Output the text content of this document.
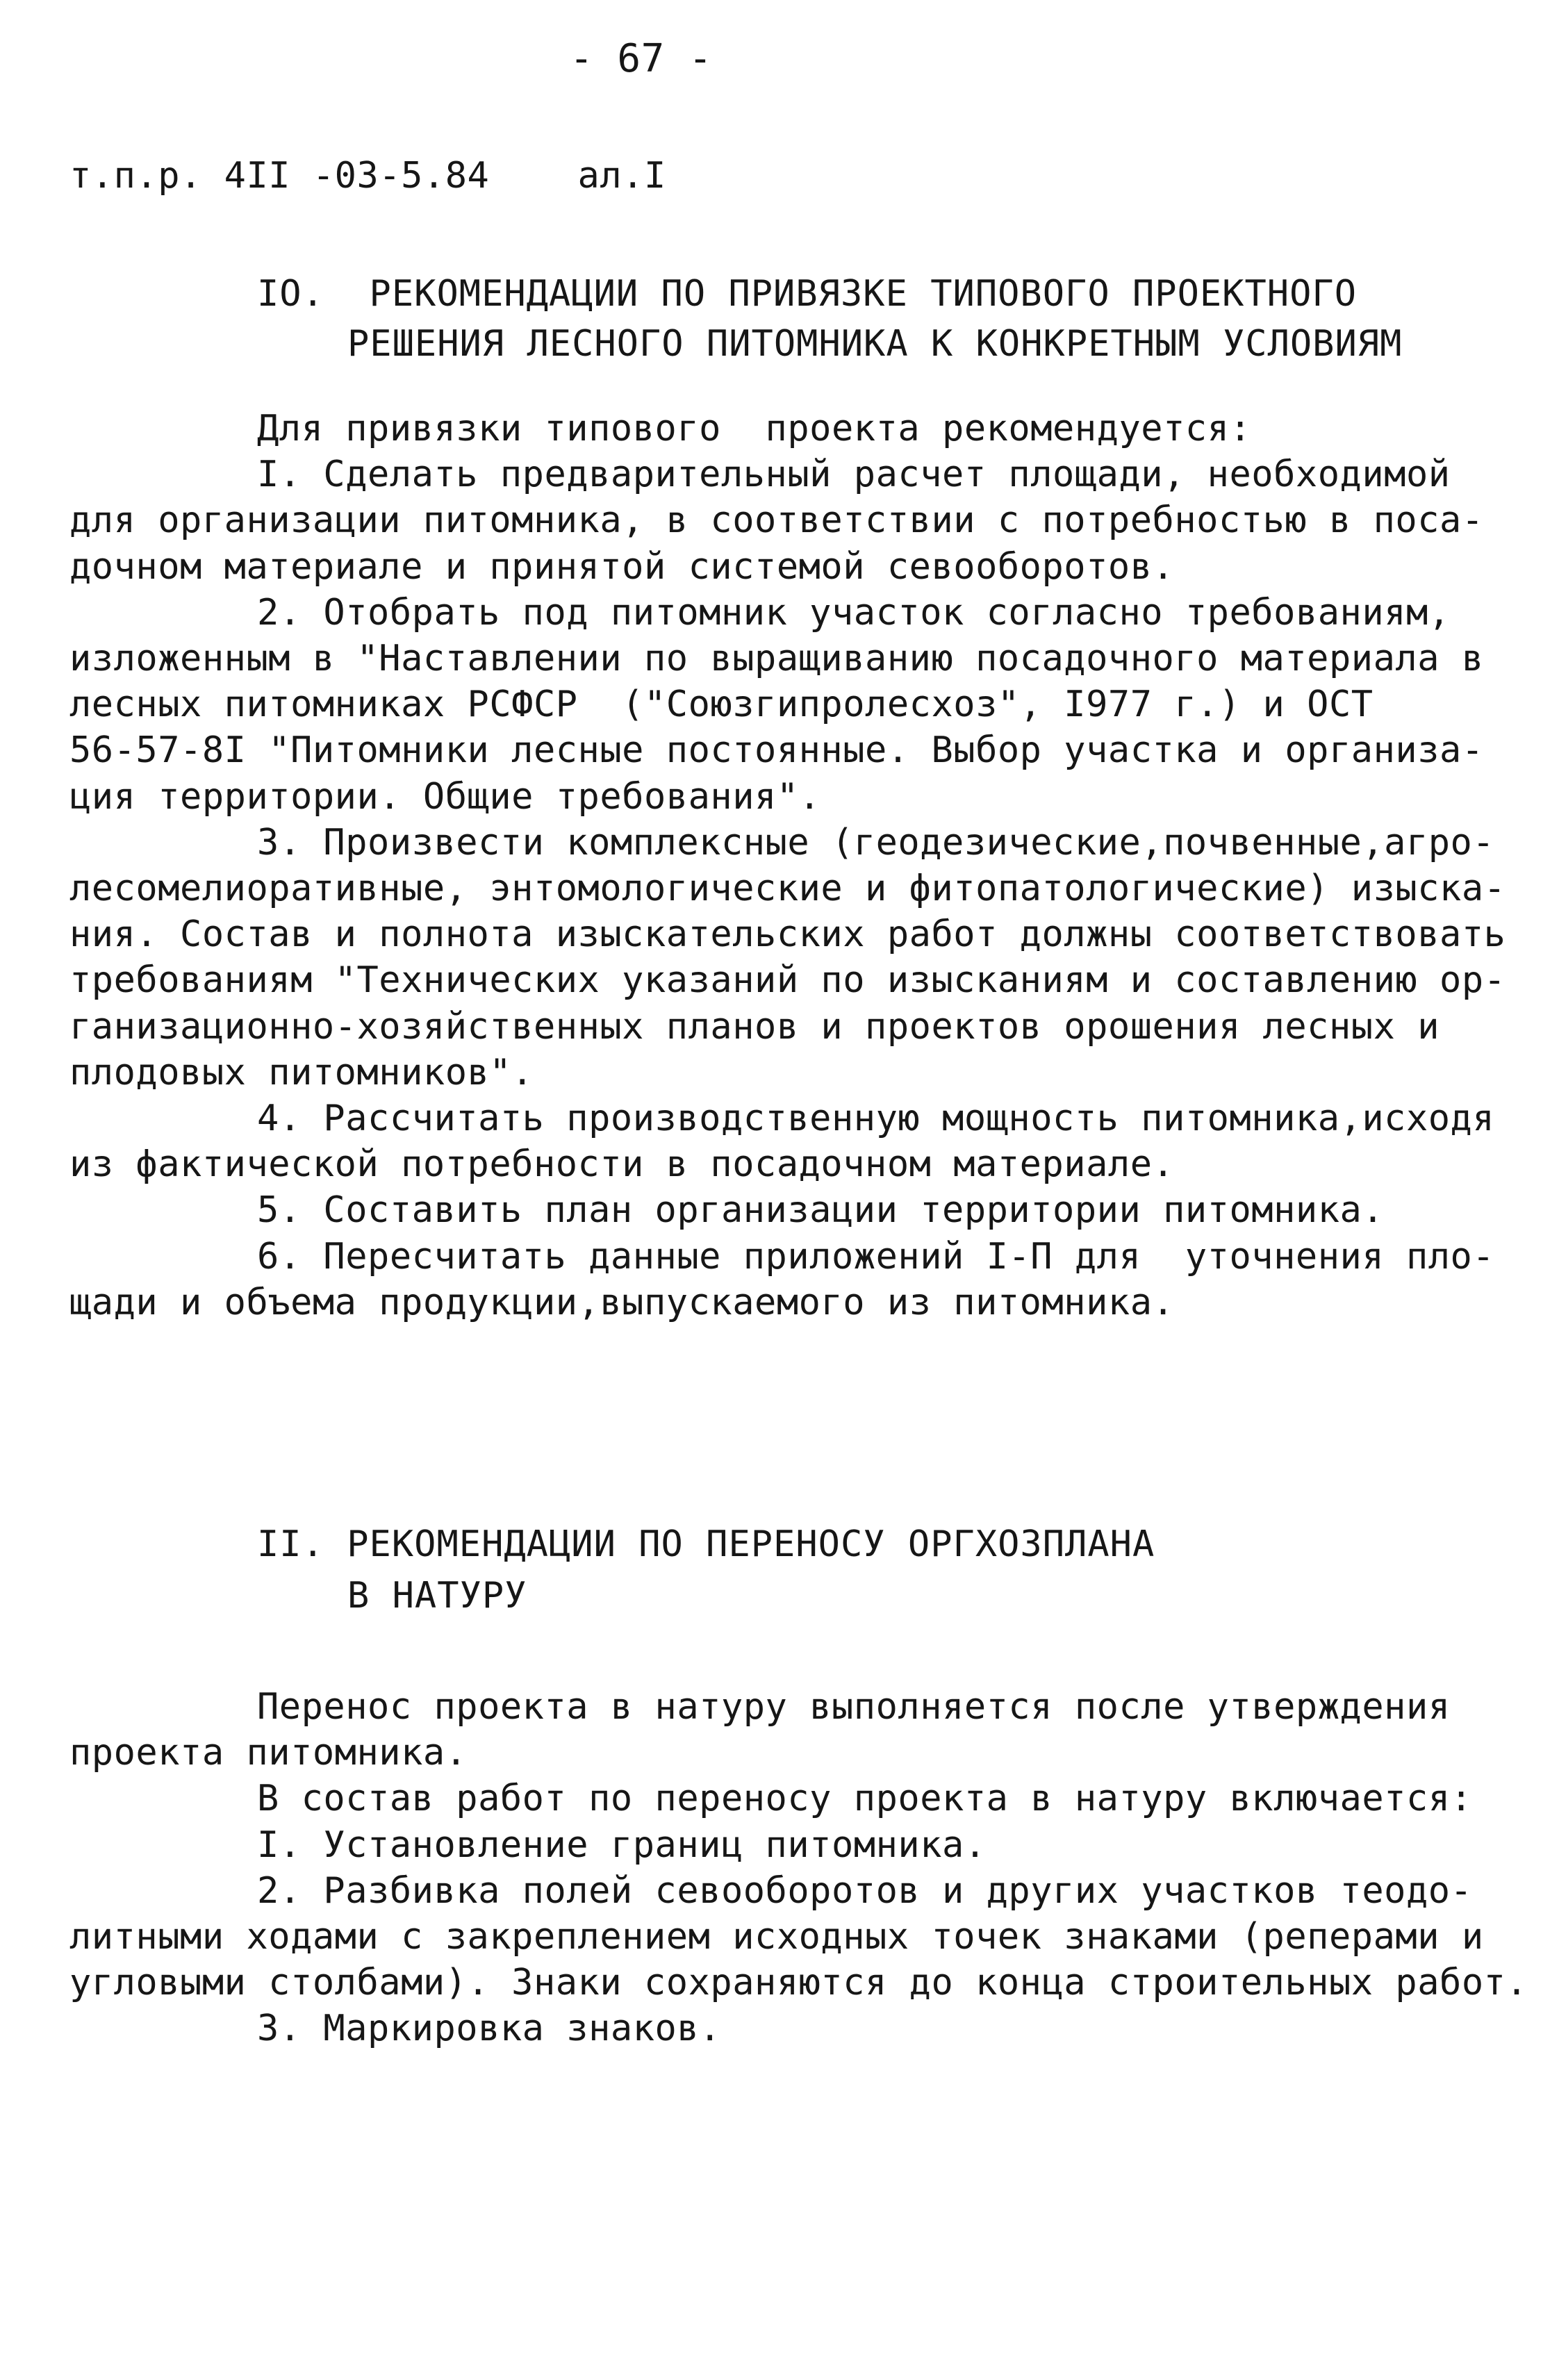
- 67 -
т.п.р. 4II -03-5.84    ал.I
IO.  РЕКОМЕНДАЦИИ ПО ПРИВЯЗКЕ ТИПОВОГО ПРОЕКТНОГО
РЕШЕНИЯ ЛЕСНОГО ПИТОМНИКА К КОНКРЕТНЫМ УСЛОВИЯМ
Для привязки типового  проекта рекомендуется:
I. Сделать предварительный расчет площади, необходимой
для организации питомника, в соответствии с потребностью в поса-
дочном материале и принятой системой севооборотов.
2. Отобрать под питомник участок согласно требованиям,
изложенным в "Наставлении по выращиванию посадочного материала в
лесных питомниках РСФСР  ("Союзгипролесхоз", I977 г.) и ОСТ
56-57-8I "Питомники лесные постоянные. Выбор участка и организа-
ция территории. Общие требования".
3. Произвести комплексные (геодезические,почвенные,агро-
лесомелиоративные, энтомологические и фитопатологические) изыска-
ния. Состав и полнота изыскательских работ должны соответствовать
требованиям "Технических указаний по изысканиям и составлению ор-
ганизационно-хозяйственных планов и проектов орошения лесных и
плодовых питомников".
4. Рассчитать производственную мощность питомника,исходя
из фактической потребности в посадочном материале.
5. Составить план организации территории питомника.
6. Пересчитать данные приложений I-П для  уточнения пло-
щади и объема продукции,выпускаемого из питомника.
II. РЕКОМЕНДАЦИИ ПО ПЕРЕНОСУ ОРГХОЗПЛАНА
В НАТУРУ
Перенос проекта в натуру выполняется после утверждения
проекта питомника.
В состав работ по переносу проекта в натуру включается:
I. Установление границ питомника.
2. Разбивка полей севооборотов и других участков теодо-
литными ходами с закреплением исходных точек знаками (реперами и
угловыми столбами). Знаки сохраняются до конца строительных работ.
3. Маркировка знаков.
